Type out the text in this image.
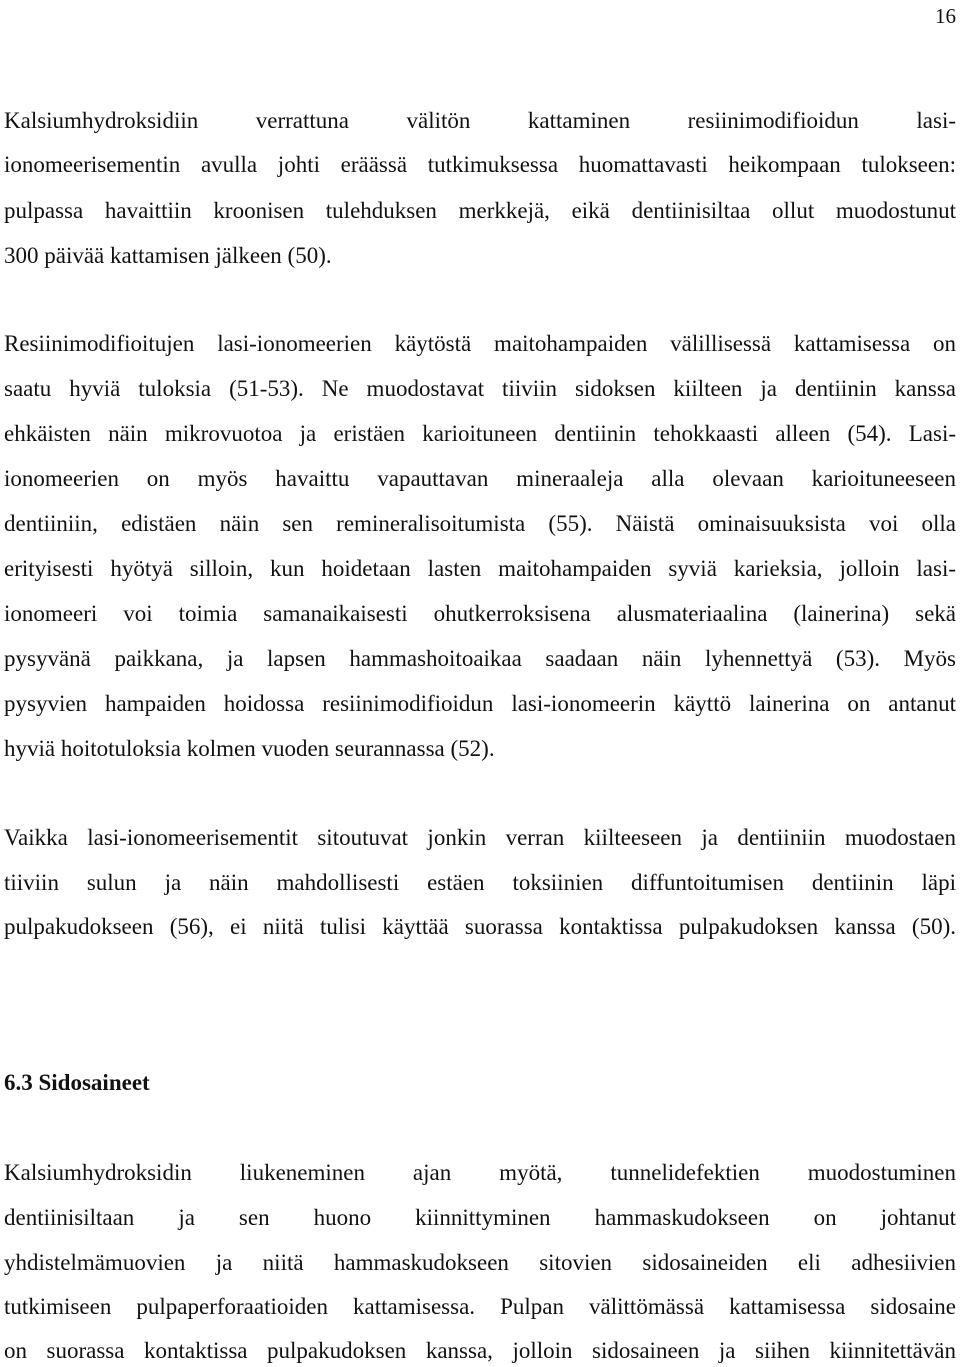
16
Kalsiumhydroksidiin verrattuna välitön kattaminen resiinimodifioidun lasi-
ionomeerisementin avulla johti eräässä tutkimuksessa huomattavasti heikompaan tulokseen:
pulpassa havaittiin kroonisen tulehduksen merkkejä, eikä dentiinisiltaa ollut muodostunut
300 päivää kattamisen jälkeen (50).
Resiinimodifioitujen lasi-ionomeerien käytöstä maitohampaiden välillisessä kattamisessa on
saatu hyviä tuloksia (51-53). Ne muodostavat tiiviin sidoksen kiilteen ja dentiinin kanssa
ehkäisten näin mikrovuotoa ja eristäen karioituneen dentiinin tehokkaasti alleen (54). Lasi-
ionomeerien on myös havaittu vapauttavan mineraaleja alla olevaan karioituneeseen
dentiiniin, edistäen näin sen remineralisoitumista (55). Näistä ominaisuuksista voi olla
erityisesti hyötyä silloin, kun hoidetaan lasten maitohampaiden syviä karieksia, jolloin lasi-
ionomeeri voi toimia samanaikaisesti ohutkerroksisena alusmateriaalina (lainerina) sekä
pysyvänä paikkana, ja lapsen hammashoitoaikaa saadaan näin lyhennettyä (53). Myös
pysyvien hampaiden hoidossa resiinimodifioidun lasi-ionomeerin käyttö lainerina on antanut
hyviä hoitotuloksia kolmen vuoden seurannassa (52).
Vaikka lasi-ionomeerisementit sitoutuvat jonkin verran kiilteeseen ja dentiiniin muodostaen
tiiviin sulun ja näin mahdollisesti estäen toksiinien diffuntoitumisen dentiinin läpi
pulpakudokseen (56), ei niitä tulisi käyttää suorassa kontaktissa pulpakudoksen kanssa (50).
6.3 Sidosaineet
Kalsiumhydroksidin liukeneminen ajan myötä, tunnelidefektien muodostuminen
dentiinisiltaan ja sen huono kiinnittyminen hammaskudokseen on johtanut
yhdistelmämuovien ja niitä hammaskudokseen sitovien sidosaineiden eli adhesiivien
tutkimiseen pulpaperforaatioiden kattamisessa. Pulpan välittömässä kattamisessa sidosaine
on suorassa kontaktissa pulpakudoksen kanssa, jolloin sidosaineen ja siihen kiinnitettävän
